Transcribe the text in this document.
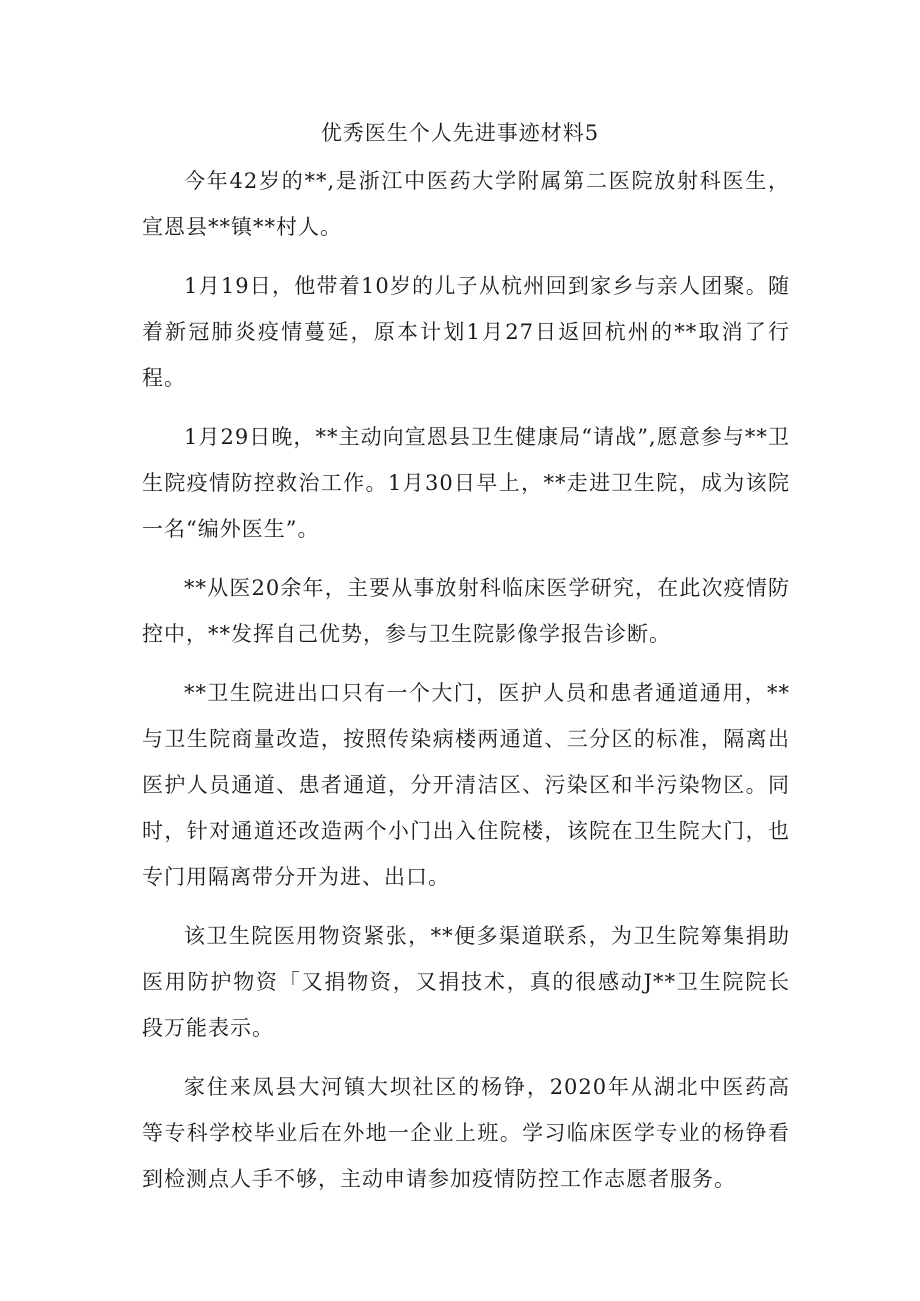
优秀医生个人先进事迹材料5

今年42岁的**,是浙江中医药大学附属第二医院放射科医生，宣恩县**镇**村人。

1月19日，他带着10岁的儿子从杭州回到家乡与亲人团聚。随着新冠肺炎疫情蔓延，原本计划1月27日返回杭州的**取消了行程。

1月29日晚，**主动向宣恩县卫生健康局“请战”,愿意参与**卫生院疫情防控救治工作。1月30日早上，**走进卫生院，成为该院一名“编外医生”。

**从医20余年，主要从事放射科临床医学研究，在此次疫情防控中，**发挥自己优势，参与卫生院影像学报告诊断。

**卫生院进出口只有一个大门，医护人员和患者通道通用，**与卫生院商量改造，按照传染病楼两通道、三分区的标准，隔离出医护人员通道、患者通道，分开清洁区、污染区和半污染物区。同时，针对通道还改造两个小门出入住院楼，该院在卫生院大门，也专门用隔离带分开为进、出口。

该卫生院医用物资紧张，**便多渠道联系，为卫生院筹集捐助医用防护物资「又捐物资，又捐技术，真的很感动J**卫生院院长段万能表示。

家住来凤县大河镇大坝社区的杨铮，2020年从湖北中医药高等专科学校毕业后在外地一企业上班。学习临床医学专业的杨铮看到检测点人手不够，主动申请参加疫情防控工作志愿者服务。
